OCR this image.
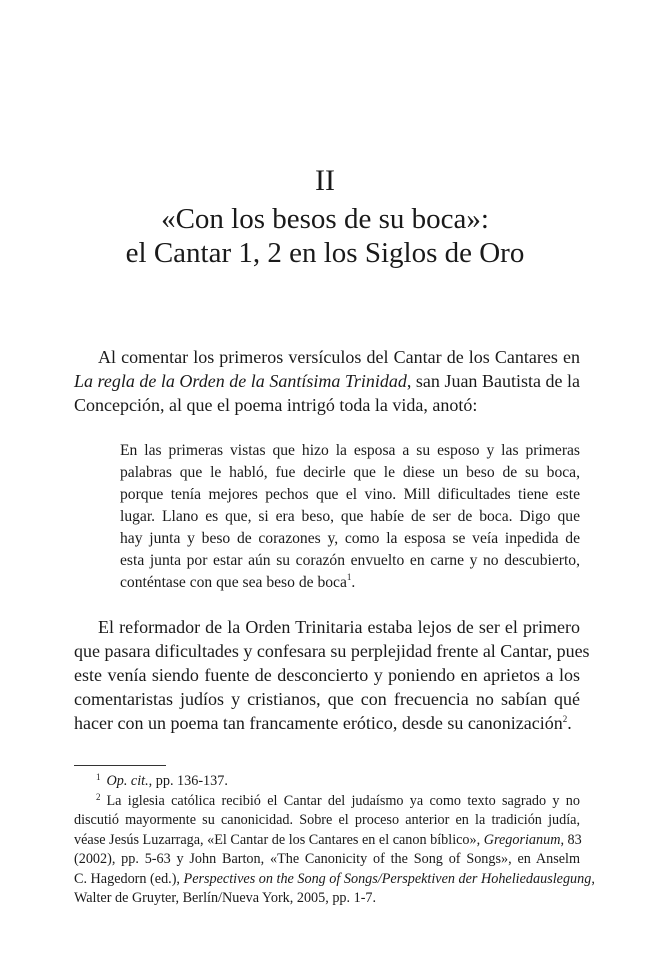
II
«Con los besos de su boca»:
el Cantar 1, 2 en los Siglos de Oro
Al comentar los primeros versículos del Cantar de los Cantares en
La regla de la Orden de la Santísima Trinidad, san Juan Bautista de la
Concepción, al que el poema intrigó toda la vida, anotó:
En las primeras vistas que hizo la esposa a su esposo y las primeras
palabras que le habló, fue decirle que le diese un beso de su boca,
porque tenía mejores pechos que el vino. Mill dificultades tiene este
lugar. Llano es que, si era beso, que habíe de ser de boca. Digo que
hay junta y beso de corazones y, como la esposa se veía inpedida de
esta junta por estar aún su corazón envuelto en carne y no descubierto,
conténtase con que sea beso de boca$^1$.
El reformador de la Orden Trinitaria estaba lejos de ser el primero
que pasara dificultades y confesara su perplejidad frente al Cantar, pues
este venía siendo fuente de desconcierto y poniendo en aprietos a los
comentaristas judíos y cristianos, que con frecuencia no sabían qué
hacer con un poema tan francamente erótico, desde su canonización$^2$.
$^1$ Op. cit., pp. 136-137.
$^2$ La iglesia católica recibió el Cantar del judaísmo ya como texto sagrado y no
discutió mayormente su canonicidad. Sobre el proceso anterior en la tradición judía,
véase Jesús Luzarraga, «El Cantar de los Cantares en el canon bíblico», Gregorianum, 83
(2002), pp. 5-63 y John Barton, «The Canonicity of the Song of Songs», en Anselm
C. Hagedorn (ed.), Perspectives on the Song of Songs/Perspektiven der Hoheliedauslegung,
Walter de Gruyter, Berlín/Nueva York, 2005, pp. 1-7.
